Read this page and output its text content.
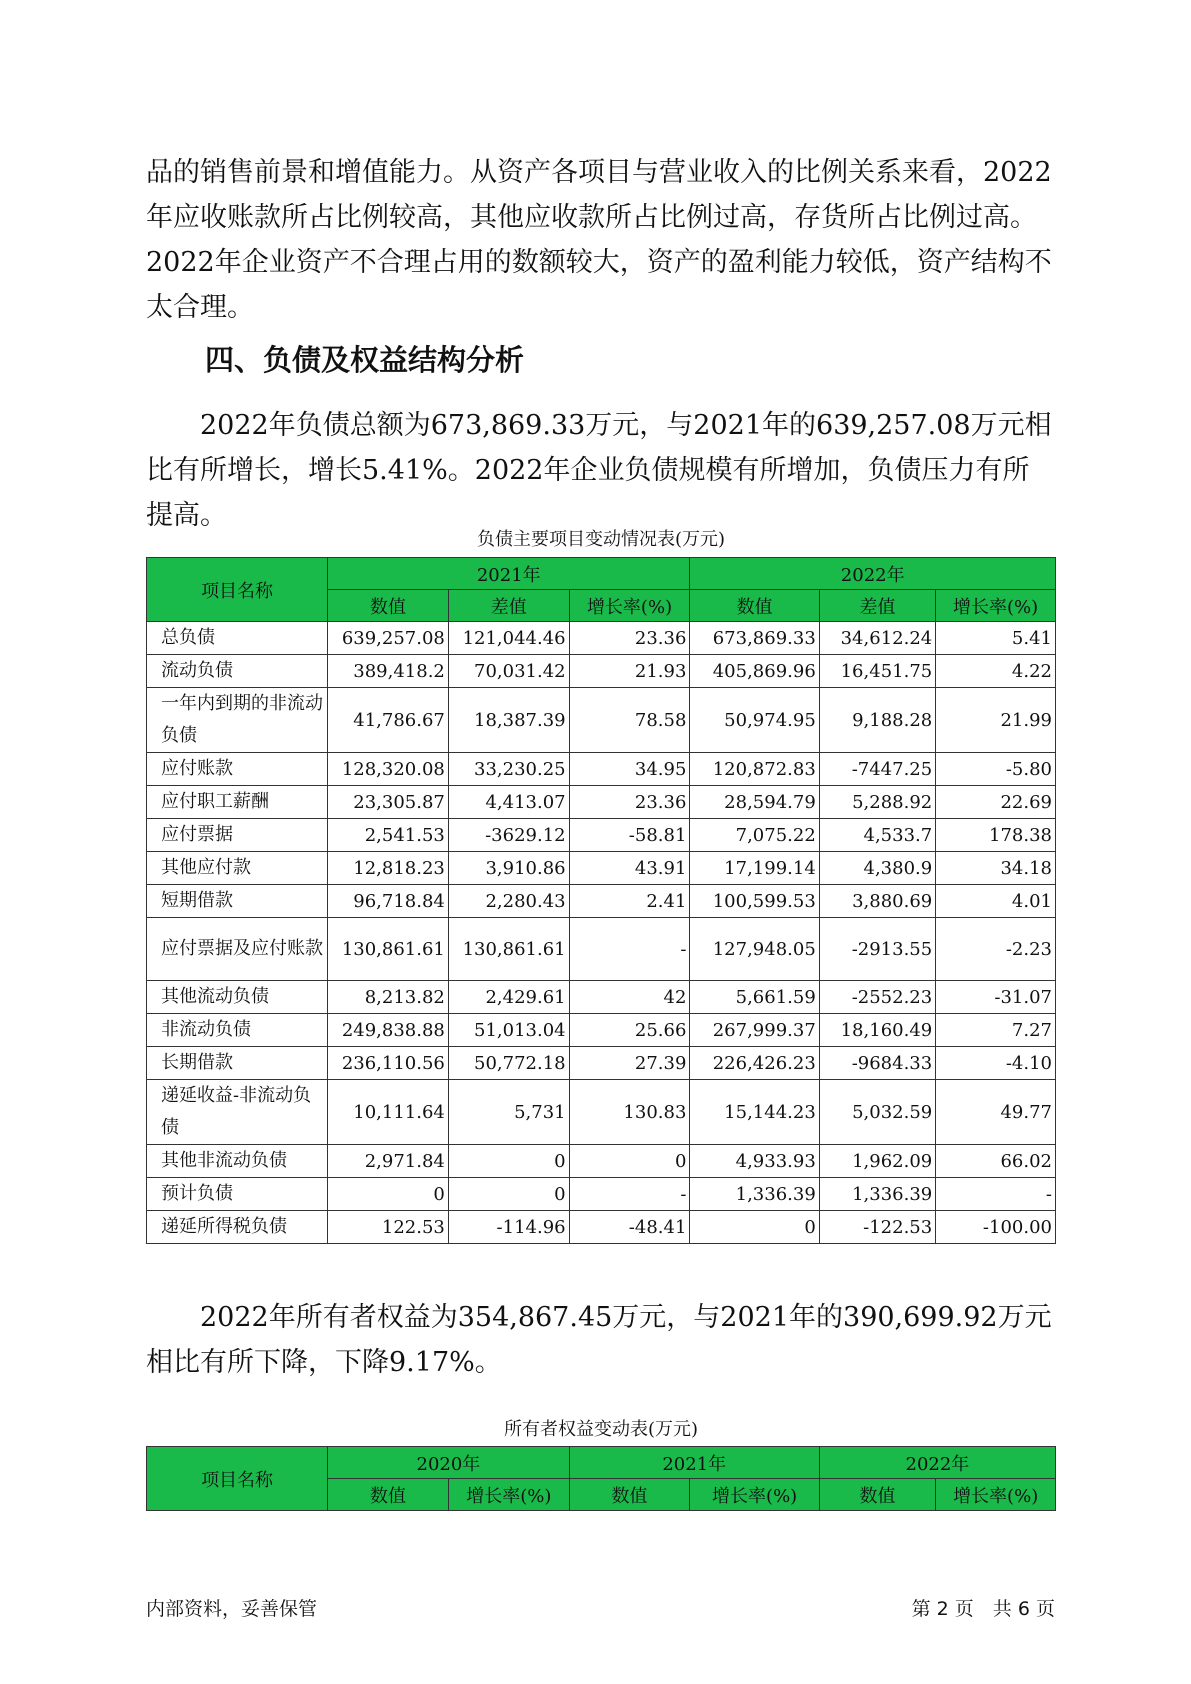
品的销售前景和增值能力。从资产各项目与营业收入的比例关系来看，2022年应收账款所占比例较高，其他应收款所占比例过高，存货所占比例过高。2022年企业资产不合理占用的数额较大，资产的盈利能力较低，资产结构不太合理。

四、负债及权益结构分析

2022年负债总额为673,869.33万元，与2021年的639,257.08万元相比有所增长，增长5.41%。2022年企业负债规模有所增加，负债压力有所提高。

负债主要项目变动情况表(万元)
项目名称	2021年			2022年		
	数值	差值	增长率(%)	数值	差值	增长率(%)
总负债	639,257.08	121,044.46	23.36	673,869.33	34,612.24	5.41
流动负债	389,418.2	70,031.42	21.93	405,869.96	16,451.75	4.22
一年内到期的非流动负债	41,786.67	18,387.39	78.58	50,974.95	9,188.28	21.99
应付账款	128,320.08	33,230.25	34.95	120,872.83	-7447.25	-5.80
应付职工薪酬	23,305.87	4,413.07	23.36	28,594.79	5,288.92	22.69
应付票据	2,541.53	-3629.12	-58.81	7,075.22	4,533.7	178.38
其他应付款	12,818.23	3,910.86	43.91	17,199.14	4,380.9	34.18
短期借款	96,718.84	2,280.43	2.41	100,599.53	3,880.69	4.01
应付票据及应付账款	130,861.61	130,861.61	-	127,948.05	-2913.55	-2.23
其他流动负债	8,213.82	2,429.61	42	5,661.59	-2552.23	-31.07
非流动负债	249,838.88	51,013.04	25.66	267,999.37	18,160.49	7.27
长期借款	236,110.56	50,772.18	27.39	226,426.23	-9684.33	-4.10
递延收益-非流动负债	10,111.64	5,731	130.83	15,144.23	5,032.59	49.77
其他非流动负债	2,971.84	0	0	4,933.93	1,962.09	66.02
预计负债	0	0	-	1,336.39	1,336.39	-
递延所得税负债	122.53	-114.96	-48.41	0	-122.53	-100.00

2022年所有者权益为354,867.45万元，与2021年的390,699.92万元相比有所下降，下降9.17%。

所有者权益变动表(万元)
项目名称	2020年		2021年		2022年	
	数值	增长率(%)	数值	增长率(%)	数值	增长率(%)
内部资料，妥善保管	第 2 页　共 6 页
